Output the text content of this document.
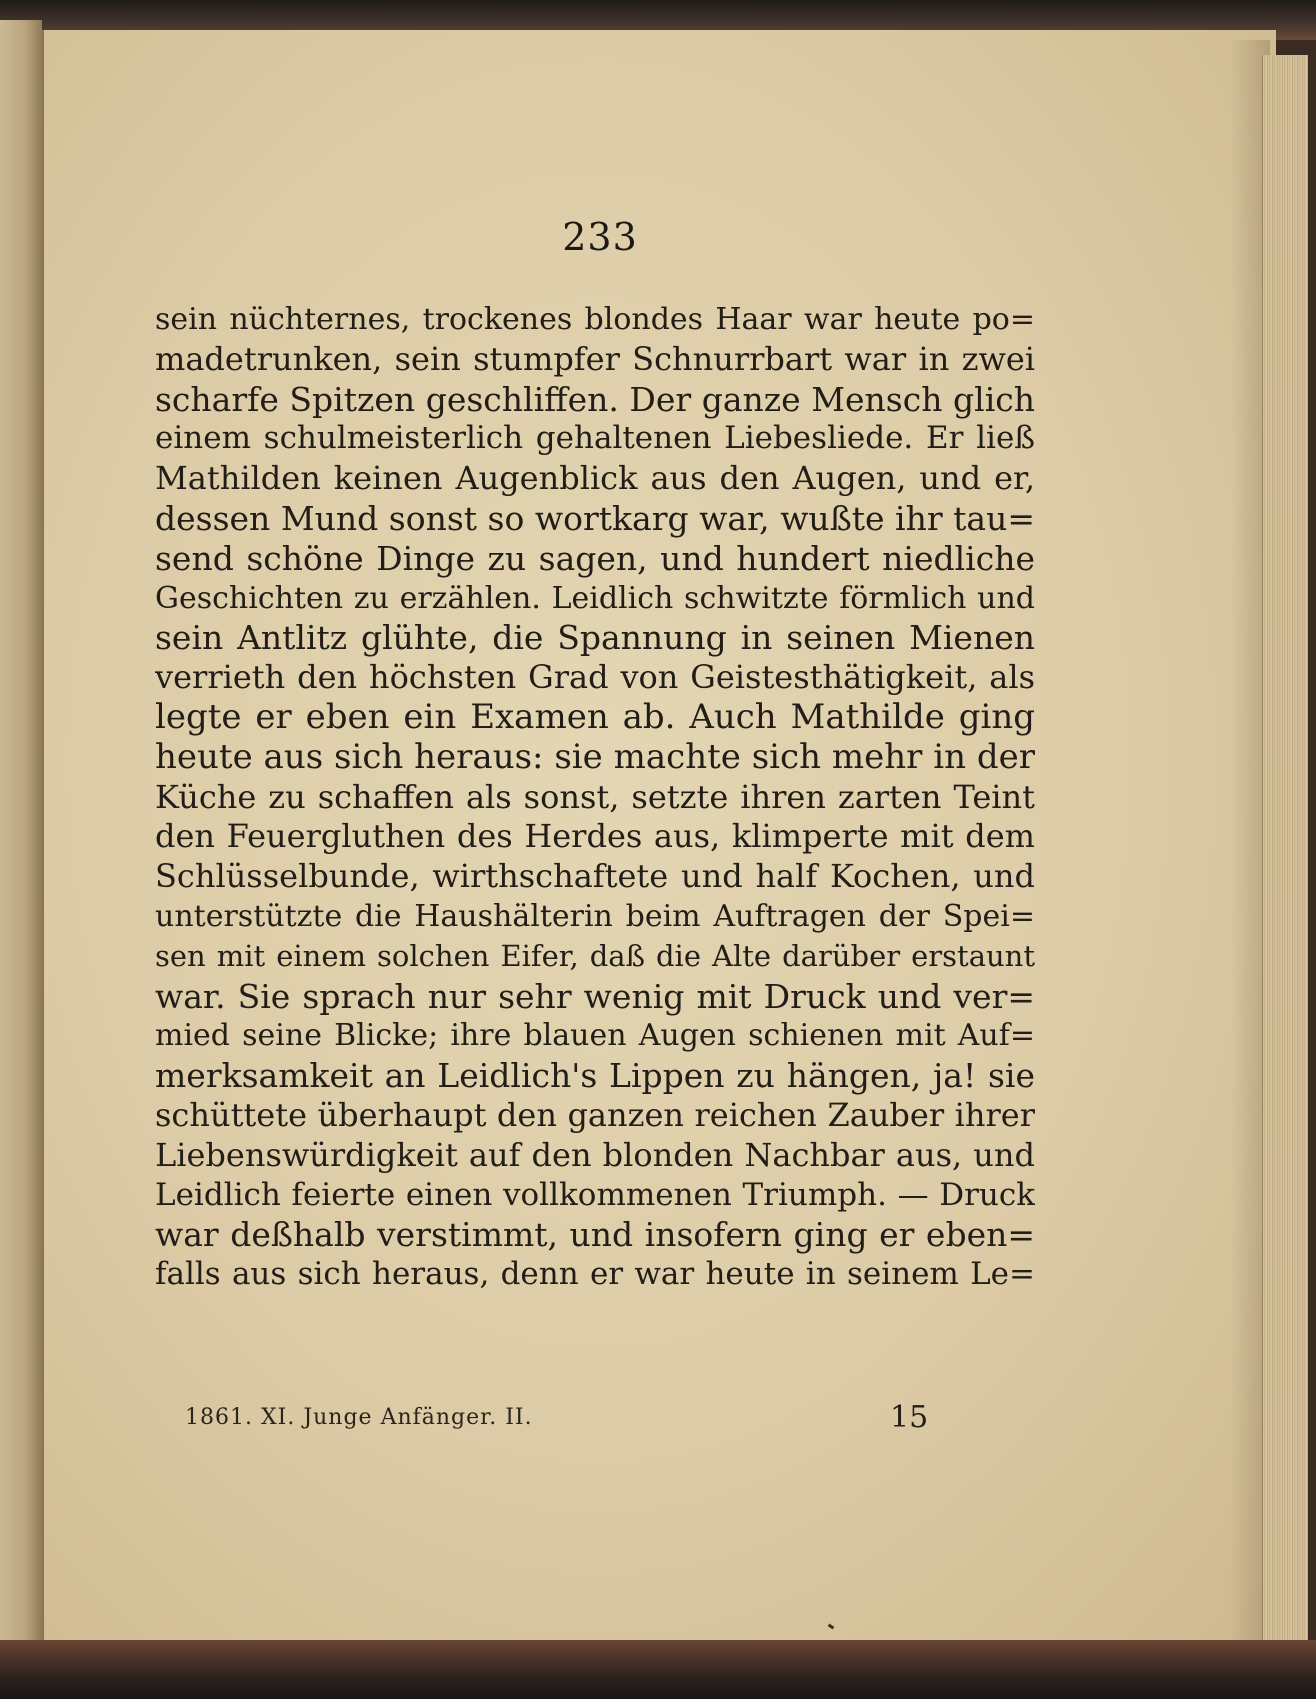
233
sein nüchternes, trockenes blondes Haar war heute po=
madetrunken, sein stumpfer Schnurrbart war in zwei
scharfe Spitzen geschliffen. Der ganze Mensch glich
einem schulmeisterlich gehaltenen Liebesliede. Er ließ
Mathilden keinen Augenblick aus den Augen, und er,
dessen Mund sonst so wortkarg war, wußte ihr tau=
send schöne Dinge zu sagen, und hundert niedliche
Geschichten zu erzählen. Leidlich schwitzte förmlich und
sein Antlitz glühte, die Spannung in seinen Mienen
verrieth den höchsten Grad von Geistesthätigkeit, als
legte er eben ein Examen ab. Auch Mathilde ging
heute aus sich heraus: sie machte sich mehr in der
Küche zu schaffen als sonst, setzte ihren zarten Teint
den Feuergluthen des Herdes aus, klimperte mit dem
Schlüsselbunde, wirthschaftete und half Kochen, und
unterstützte die Haushälterin beim Auftragen der Spei=
sen mit einem solchen Eifer, daß die Alte darüber erstaunt
war. Sie sprach nur sehr wenig mit Druck und ver=
mied seine Blicke; ihre blauen Augen schienen mit Auf=
merksamkeit an Leidlich's Lippen zu hängen, ja! sie
schüttete überhaupt den ganzen reichen Zauber ihrer
Liebenswürdigkeit auf den blonden Nachbar aus, und
Leidlich feierte einen vollkommenen Triumph. — Druck
war deßhalb verstimmt, und insofern ging er eben=
falls aus sich heraus, denn er war heute in seinem Le=
1861. XI. Junge Anfänger. II.	15
